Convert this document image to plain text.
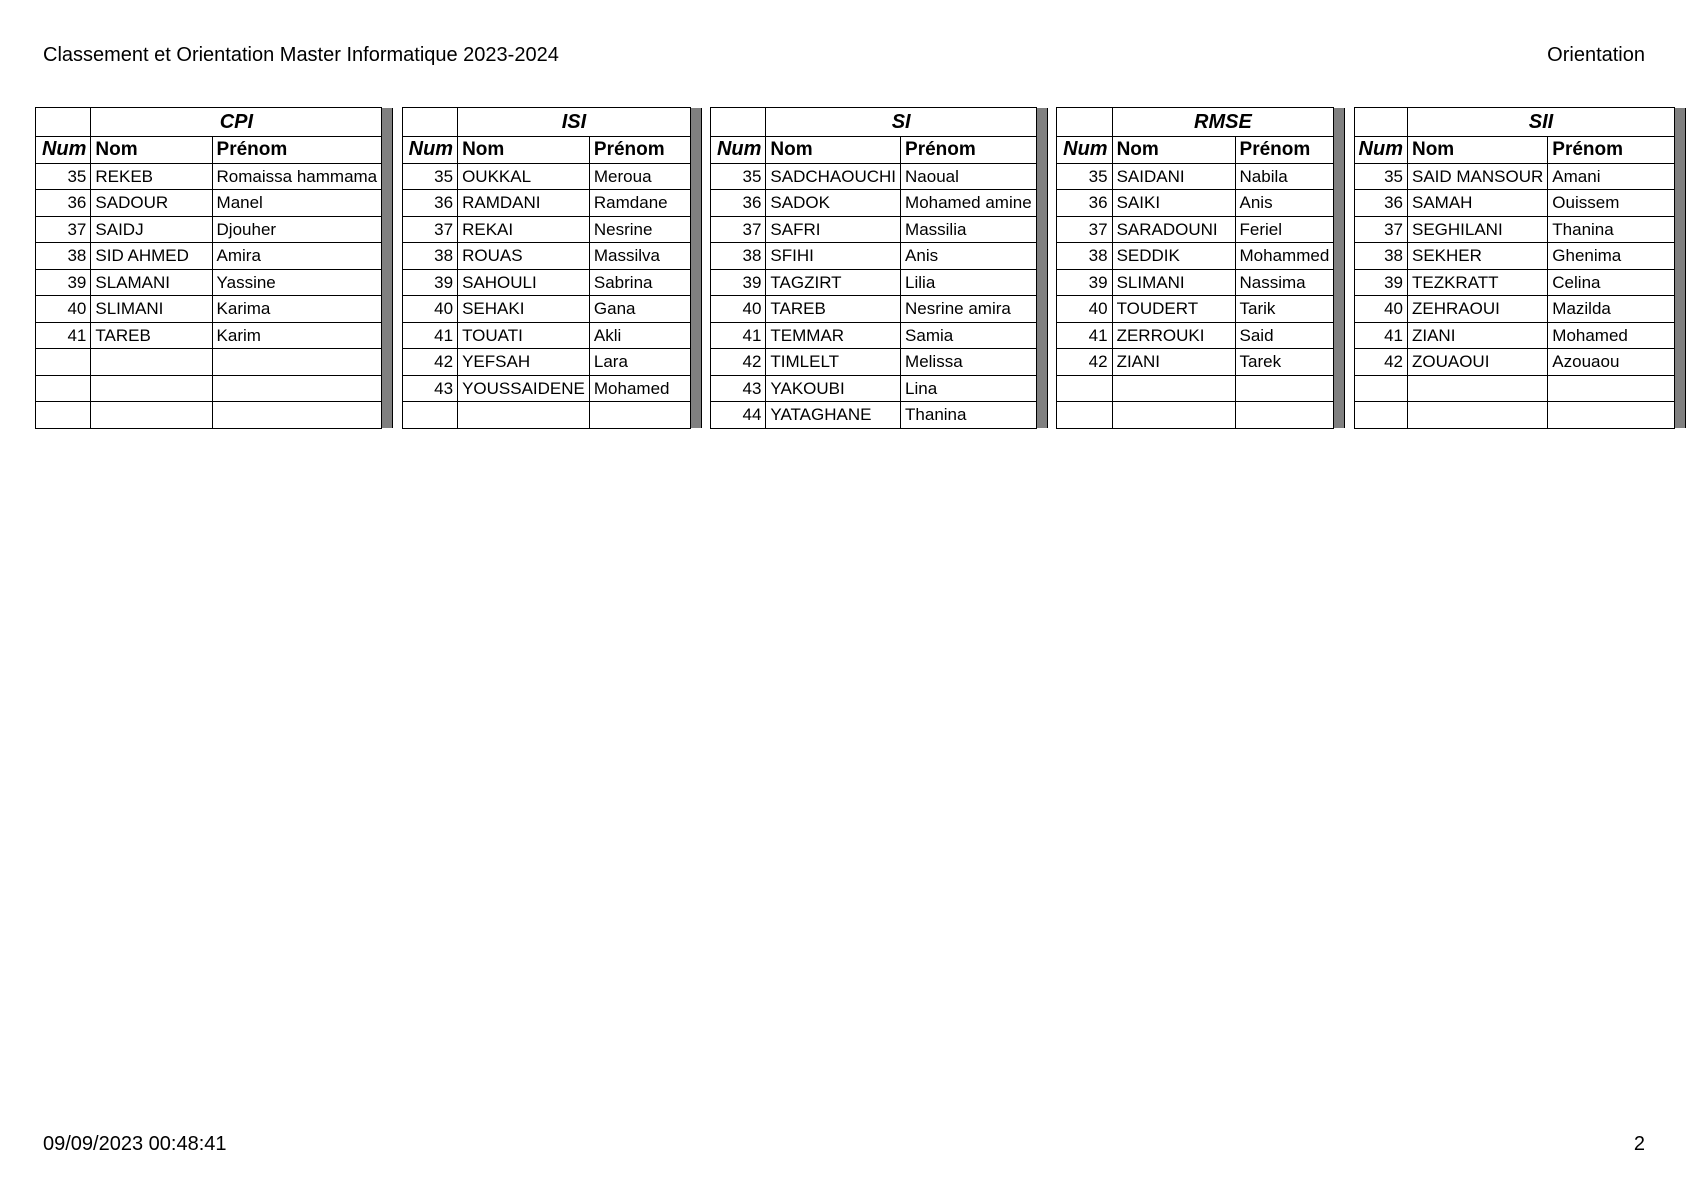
Classement et Orientation Master Informatique 2023-2024	Orientation
	CPI					ISI					SI					RMSE					SII		
Num	Nom	Prénom			Num	Nom	Prénom			Num	Nom	Prénom			Num	Nom	Prénom			Num	Nom	Prénom	
35	REKEB	Romaissa hammama			35	OUKKAL	Meroua			35	SADCHAOUCHI	Naoual			35	SAIDANI	Nabila			35	SAID MANSOUR	Amani	
36	SADOUR	Manel			36	RAMDANI	Ramdane			36	SADOK	Mohamed amine			36	SAIKI	Anis			36	SAMAH	Ouissem	
37	SAIDJ	Djouher			37	REKAI	Nesrine			37	SAFRI	Massilia			37	SARADOUNI	Feriel			37	SEGHILANI	Thanina	
38	SID AHMED	Amira			38	ROUAS	Massilva			38	SFIHI	Anis			38	SEDDIK	Mohammed			38	SEKHER	Ghenima	
39	SLAMANI	Yassine			39	SAHOULI	Sabrina			39	TAGZIRT	Lilia			39	SLIMANI	Nassima			39	TEZKRATT	Celina	
40	SLIMANI	Karima			40	SEHAKI	Gana			40	TAREB	Nesrine amira			40	TOUDERT	Tarik			40	ZEHRAOUI	Mazilda	
41	TAREB	Karim			41	TOUATI	Akli			41	TEMMAR	Samia			41	ZERROUKI	Said			41	ZIANI	Mohamed	
					42	YEFSAH	Lara			42	TIMLELT	Melissa			42	ZIANI	Tarek			42	ZOUAOUI	Azouaou	
					43	YOUSSAIDENE	Mohamed			43	YAKOUBI	Lina											
										44	YATAGHANE	Thanina											
09/09/2023 00:48:41	2
